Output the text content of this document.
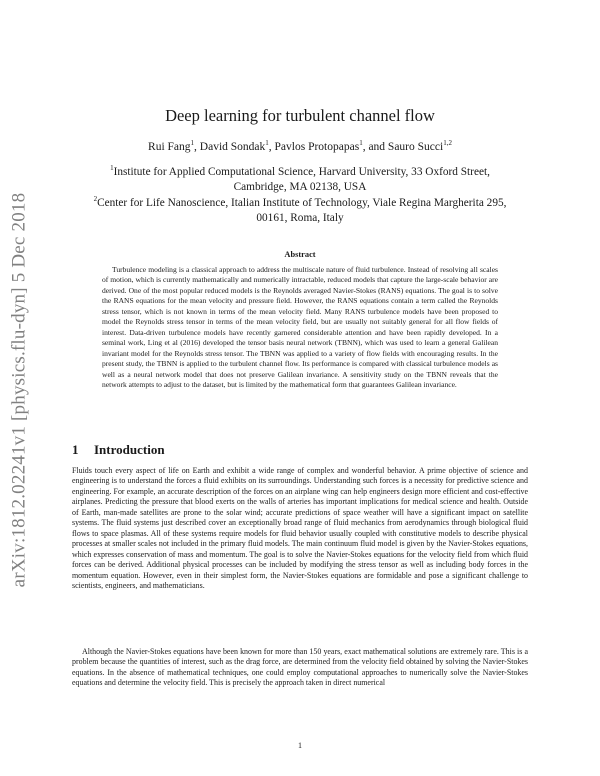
arXiv:1812.02241v1 [physics.flu-dyn] 5 Dec 2018
Deep learning for turbulent channel flow
Rui Fang$^1$, David Sondak$^1$, Pavlos Protopapas$^1$, and Sauro Succi$^{1,2}$
$^1$Institute for Applied Computational Science, Harvard University, 33 Oxford Street,
Cambridge, MA 02138, USA
$^2$Center for Life Nanoscience, Italian Institute of Technology, Viale Regina Margherita 295,
00161, Roma, Italy
Abstract

Turbulence modeling is a classical approach to address the multiscale nature of fluid turbulence. Instead of resolving all scales of motion, which is currently mathematically and numerically intractable, reduced models that capture the large-scale behavior are derived. One of the most popular reduced models is the Reynolds averaged Navier-Stokes (RANS) equations. The goal is to solve the RANS equations for the mean velocity and pressure field. However, the RANS equations contain a term called the Reynolds stress tensor, which is not known in terms of the mean velocity field. Many RANS turbulence models have been proposed to model the Reynolds stress tensor in terms of the mean velocity field, but are usually not suitably general for all flow fields of interest. Data-driven turbulence models have recently garnered considerable attention and have been rapidly developed. In a seminal work, Ling et al (2016) developed the tensor basis neural network (TBNN), which was used to learn a general Galilean invariant model for the Reynolds stress tensor. The TBNN was applied to a variety of flow fields with encouraging results. In the present study, the TBNN is applied to the turbulent channel flow. Its performance is compared with classical turbulence models as well as a neural network model that does not preserve Galilean invariance. A sensitivity study on the TBNN reveals that the network attempts to adjust to the dataset, but is limited by the mathematical form that guarantees Galilean invariance.

1 Introduction

Fluids touch every aspect of life on Earth and exhibit a wide range of complex and wonderful behavior. A prime objective of science and engineering is to understand the forces a fluid exhibits on its surroundings. Understanding such forces is a necessity for predictive science and engineering. For example, an accurate description of the forces on an airplane wing can help engineers design more efficient and cost-effective airplanes. Predicting the pressure that blood exerts on the walls of arteries has important implications for medical science and health. Outside of Earth, man-made satellites are prone to the solar wind; accurate predictions of space weather will have a significant impact on satellite systems. The fluid systems just described cover an exceptionally broad range of fluid mechanics from aerodynamics through biological fluid flows to space plasmas. All of these systems require models for fluid behavior usually coupled with constitutive models to describe physical processes at smaller scales not included in the primary fluid models. The main continuum fluid model is given by the Navier-Stokes equations, which expresses conservation of mass and momentum. The goal is to solve the Navier-Stokes equations for the velocity field from which fluid forces can be derived. Additional physical processes can be included by modifying the stress tensor as well as including body forces in the momentum equation. However, even in their simplest form, the Navier-Stokes equations are formidable and pose a significant challenge to scientists, engineers, and mathematicians.

Although the Navier-Stokes equations have been known for more than 150 years, exact mathematical solutions are extremely rare. This is a problem because the quantities of interest, such as the drag force, are determined from the velocity field obtained by solving the Navier-Stokes equations. In the absence of mathematical techniques, one could employ computational approaches to numerically solve the Navier-Stokes equations and determine the velocity field. This is precisely the approach taken in direct numerical

1
